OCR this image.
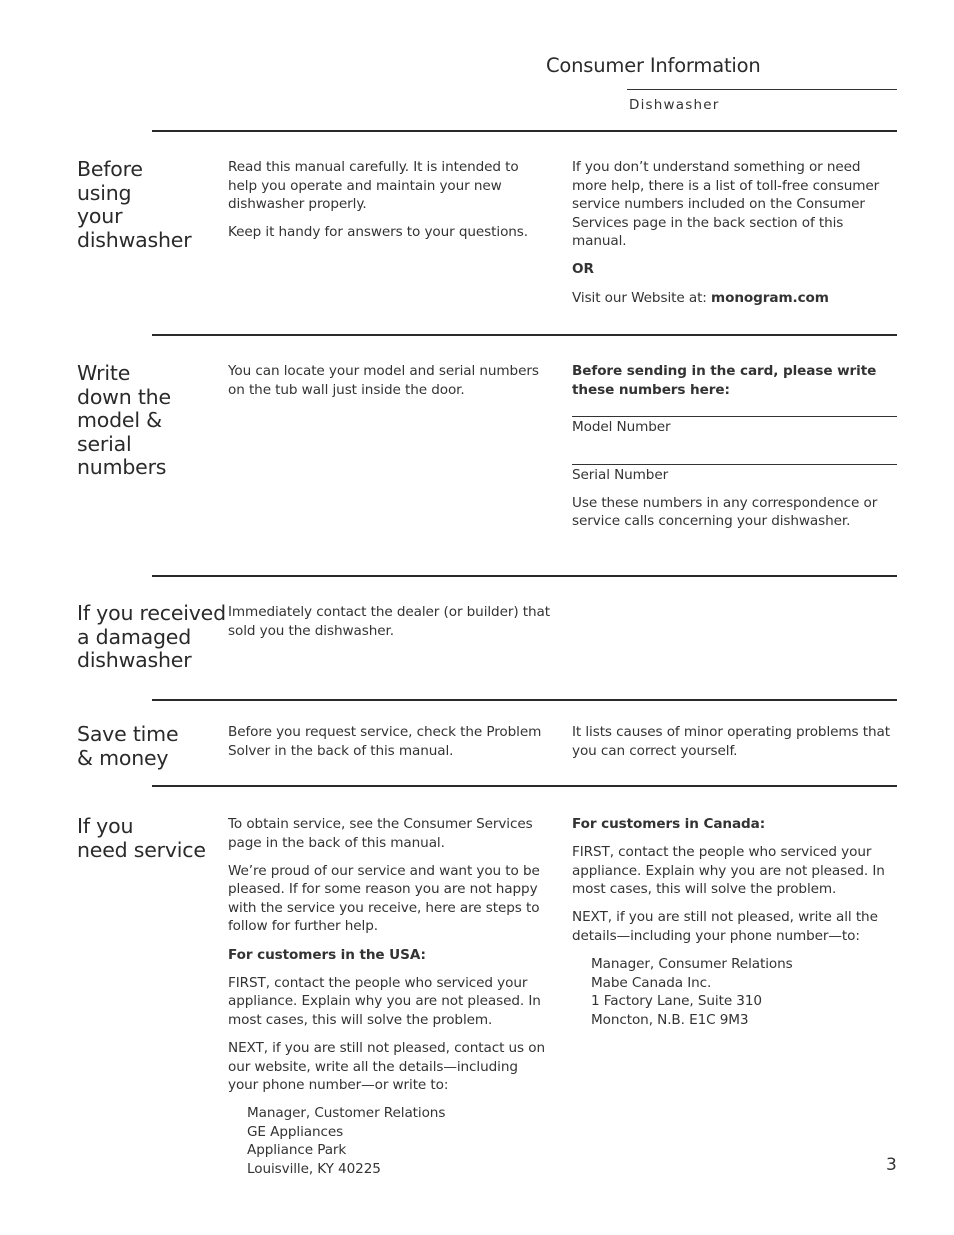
Consumer Information
Dishwasher
Before
using
your
dishwasher

Read this manual carefully. It is intended to help you operate and maintain your new dishwasher properly.

Keep it handy for answers to your questions.

If you don’t understand something or need more help, there is a list of toll-free consumer service numbers included on the Consumer Services page in the back section of this manual.

OR

Visit our Website at: monogram.com

Write
down the
model &
serial
numbers

You can locate your model and serial numbers on the tub wall just inside the door.

Before sending in the card, please write these numbers here:

Model Number

Serial Number

Use these numbers in any correspondence or service calls concerning your dishwasher.

If you received
a damaged
dishwasher

Immediately contact the dealer (or builder) that sold you the dishwasher.

Save time
& money

Before you request service, check the Problem Solver in the back of this manual.

It lists causes of minor operating problems that you can correct yourself.

If you
need service

To obtain service, see the Consumer Services page in the back of this manual.

We’re proud of our service and want you to be pleased. If for some reason you are not happy with the service you receive, here are steps to follow for further help.

For customers in the USA:

FIRST, contact the people who serviced your appliance. Explain why you are not pleased. In most cases, this will solve the problem.

NEXT, if you are still not pleased, contact us on our website, write all the details—including your phone number—or write to:

Manager, Customer Relations
GE Appliances
Appliance Park
Louisville, KY 40225

For customers in Canada:

FIRST, contact the people who serviced your appliance. Explain why you are not pleased. In most cases, this will solve the problem.

NEXT, if you are still not pleased, write all the details—including your phone number—to:

Manager, Consumer Relations
Mabe Canada Inc.
1 Factory Lane, Suite 310
Moncton, N.B. E1C 9M3

3
